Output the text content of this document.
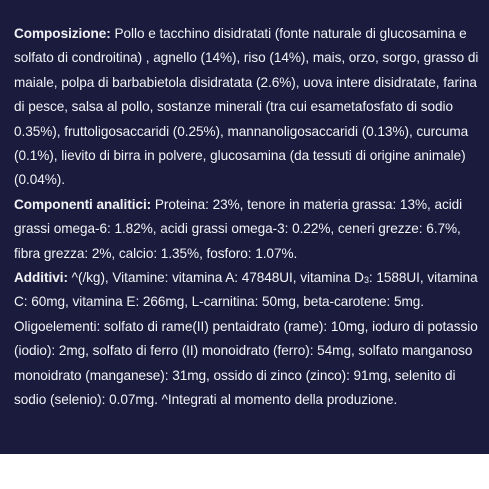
Composizione: Pollo e tacchino disidratati (fonte naturale di glucosamina e solfato di condroitina) , agnello (14%), riso (14%), mais, orzo, sorgo, grasso di maiale, polpa di barbabietola disidratata (2.6%), uova intere disidratate, farina di pesce, salsa al pollo, sostanze minerali (tra cui esametafosfato di sodio 0.35%), fruttoligosaccaridi (0.25%), mannanoligosaccaridi (0.13%), curcuma (0.1%), lievito di birra in polvere, glucosamina (da tessuti di origine animale) (0.04%).

Componenti analitici: Proteina: 23%, tenore in materia grassa: 13%, acidi grassi omega-6: 1.82%, acidi grassi omega-3: 0.22%, ceneri grezze: 6.7%, fibra grezza: 2%, calcio: 1.35%, fosforo: 1.07%.

Additivi: ^(/kg), Vitamine: vitamina A: 47848UI, vitamina $D_3$: 1588UI, vitamina C: 60mg, vitamina E: 266mg, L-carnitina: 50mg, beta-carotene: 5mg. Oligoelementi: solfato di rame(II) pentaidrato (rame): 10mg, ioduro di potassio (iodio): 2mg, solfato di ferro (II) monoidrato (ferro): 54mg, solfato manganoso monoidrato (manganese): 31mg, ossido di zinco (zinco): 91mg, selenito di sodio (selenio): 0.07mg. ^Integrati al momento della produzione.
